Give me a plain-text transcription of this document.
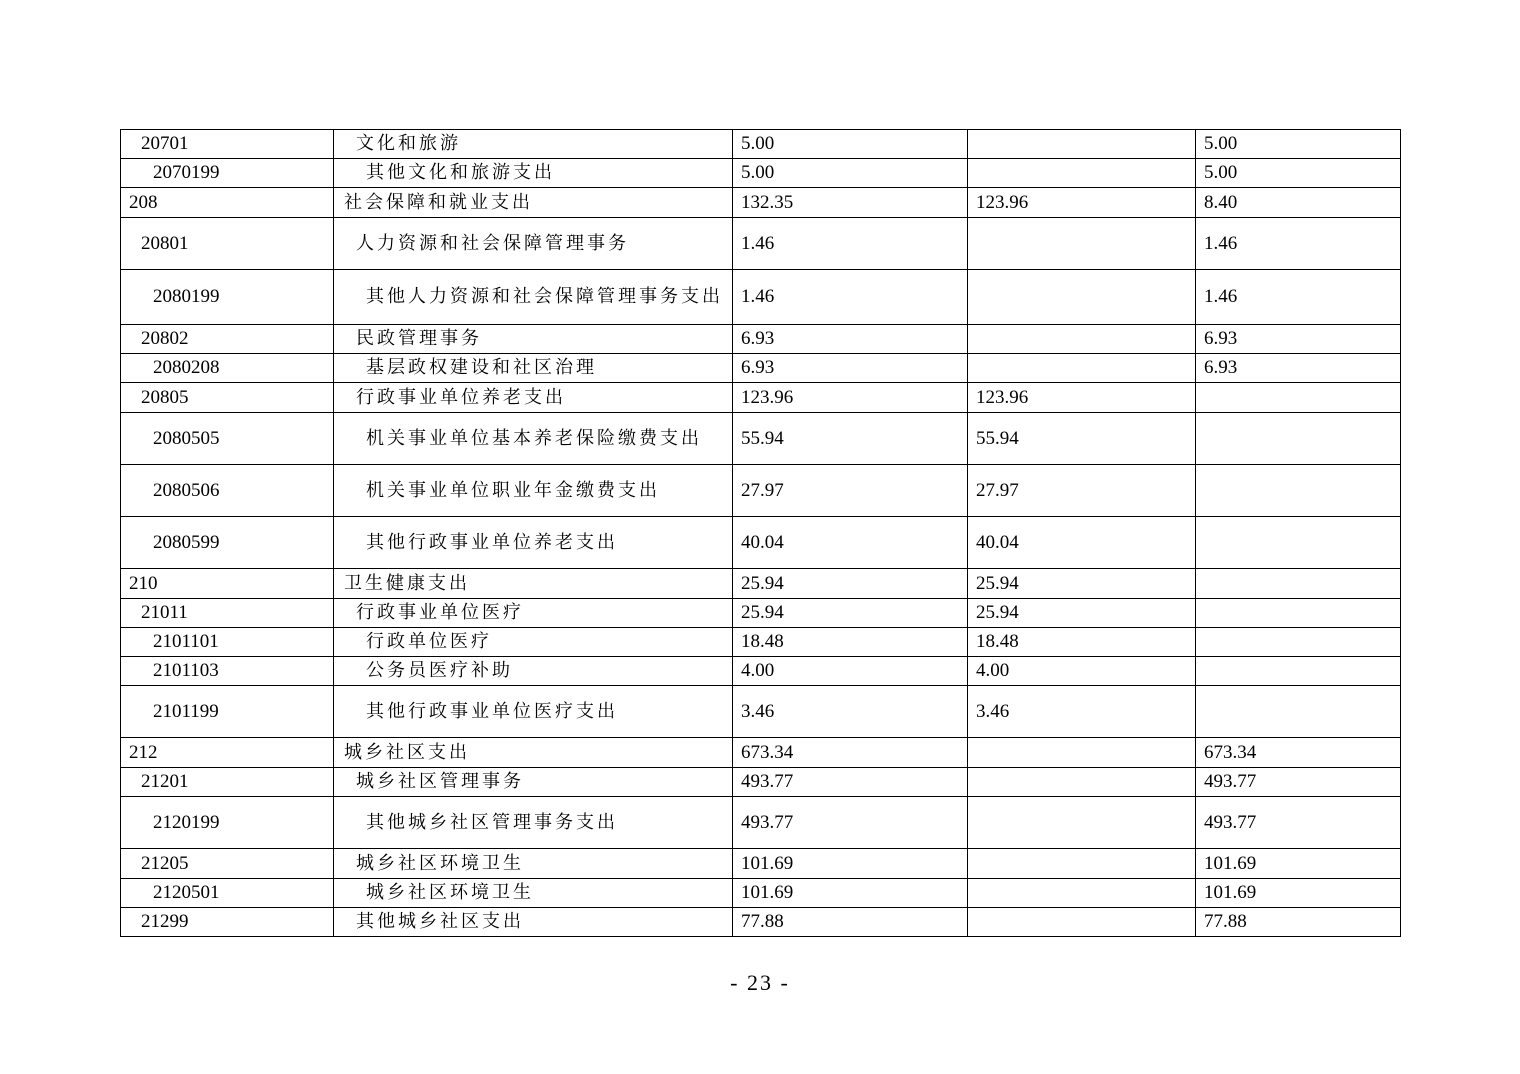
20701	文化和旅游	5.00		5.00
2070199	其他文化和旅游支出	5.00		5.00
208	社会保障和就业支出	132.35	123.96	8.40
20801	人力资源和社会保障管理事务	1.46		1.46
2080199	其他人力资源和社会保障管理事务支出	1.46		1.46
20802	民政管理事务	6.93		6.93
2080208	基层政权建设和社区治理	6.93		6.93
20805	行政事业单位养老支出	123.96	123.96	
2080505	机关事业单位基本养老保险缴费支出	55.94	55.94	
2080506	机关事业单位职业年金缴费支出	27.97	27.97	
2080599	其他行政事业单位养老支出	40.04	40.04	
210	卫生健康支出	25.94	25.94	
21011	行政事业单位医疗	25.94	25.94	
2101101	行政单位医疗	18.48	18.48	
2101103	公务员医疗补助	4.00	4.00	
2101199	其他行政事业单位医疗支出	3.46	3.46	
212	城乡社区支出	673.34		673.34
21201	城乡社区管理事务	493.77		493.77
2120199	其他城乡社区管理事务支出	493.77		493.77
21205	城乡社区环境卫生	101.69		101.69
2120501	城乡社区环境卫生	101.69		101.69
21299	其他城乡社区支出	77.88		77.88
- 23 -
